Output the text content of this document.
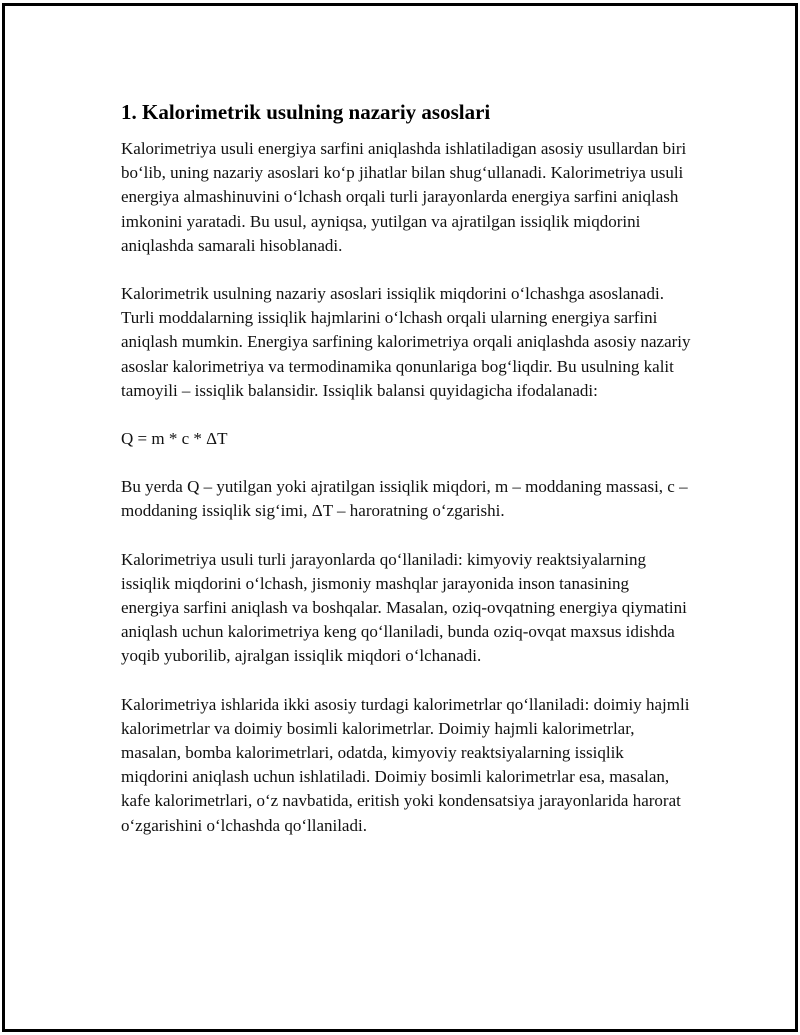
1. Kalorimetrik usulning nazariy asoslari

Kalorimetriya usuli energiya sarfini aniqlashda ishlatiladigan asosiy usullardan biri bo‘lib, uning nazariy asoslari ko‘p jihatlar bilan shug‘ullanadi. Kalorimetriya usuli energiya almashinuvini o‘lchash orqali turli jarayonlarda energiya sarfini aniqlash imkonini yaratadi. Bu usul, ayniqsa, yutilgan va ajratilgan issiqlik miqdorini aniqlashda samarali hisoblanadi.

Kalorimetrik usulning nazariy asoslari issiqlik miqdorini o‘lchashga asoslanadi. Turli moddalarning issiqlik hajmlarini o‘lchash orqali ularning energiya sarfini aniqlash mumkin. Energiya sarfining kalorimetriya orqali aniqlashda asosiy nazariy asoslar kalorimetriya va termodinamika qonunlariga bog‘liqdir. Bu usulning kalit tamoyili – issiqlik balansidir. Issiqlik balansi quyidagicha ifodalanadi:

Q = m * c * ΔT

Bu yerda Q – yutilgan yoki ajratilgan issiqlik miqdori, m – moddaning massasi, c – moddaning issiqlik sig‘imi, ΔT – haroratning o‘zgarishi.

Kalorimetriya usuli turli jarayonlarda qo‘llaniladi: kimyoviy reaktsiyalarning issiqlik miqdorini o‘lchash, jismoniy mashqlar jarayonida inson tanasining energiya sarfini aniqlash va boshqalar. Masalan, oziq-ovqatning energiya qiymatini aniqlash uchun kalorimetriya keng qo‘llaniladi, bunda oziq-ovqat maxsus idishda yoqib yuborilib, ajralgan issiqlik miqdori o‘lchanadi.

Kalorimetriya ishlarida ikki asosiy turdagi kalorimetrlar qo‘llaniladi: doimiy hajmli kalorimetrlar va doimiy bosimli kalorimetrlar. Doimiy hajmli kalorimetrlar, masalan, bomba kalorimetrlari, odatda, kimyoviy reaktsiyalarning issiqlik miqdorini aniqlash uchun ishlatiladi. Doimiy bosimli kalorimetrlar esa, masalan, kafe kalorimetrlari, o‘z navbatida, eritish yoki kondensatsiya jarayonlarida harorat o‘zgarishini o‘lchashda qo‘llaniladi.
